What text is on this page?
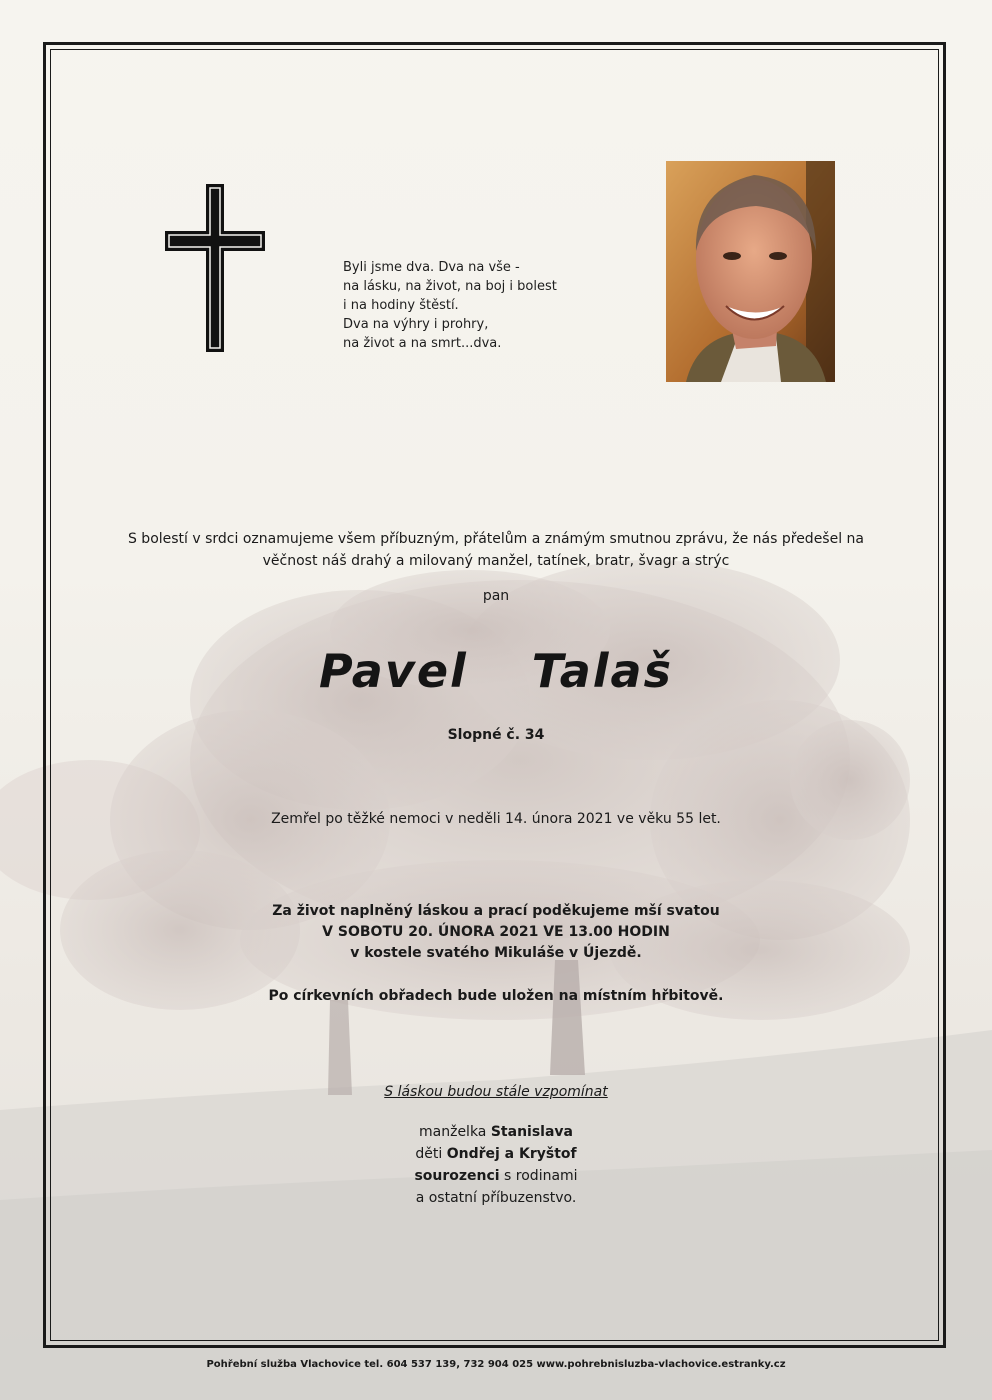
Byli jsme dva. Dva na vše -
na lásku, na život, na boj i bolest
i na hodiny štěstí.
Dva na výhry i prohry,
na život a na smrt...dva.
S bolestí v srdci oznamujeme všem příbuzným, přátelům a známým smutnou zprávu, že nás předešel na
věčnost náš drahý a milovaný manžel, tatínek, bratr, švagr a strýc
pan
Pavel  Talaš
Slopné č. 34
Zemřel po těžké nemoci v neděli 14. února 2021 ve věku 55 let.
Za život naplněný láskou a prací poděkujeme mší svatou
V SOBOTU 20. ÚNORA 2021 VE 13.00 HODIN
v kostele svatého Mikuláše v Újezdě.
Po církevních obřadech bude uložen na místním hřbitově.
S láskou budou stále vzpomínat
manželka Stanislava
děti Ondřej a Kryštof
sourozenci s rodinami
a ostatní příbuzenstvo.
Pohřební služba Vlachovice tel. 604 537 139, 732 904 025 www.pohrebnisluzba-vlachovice.estranky.cz
